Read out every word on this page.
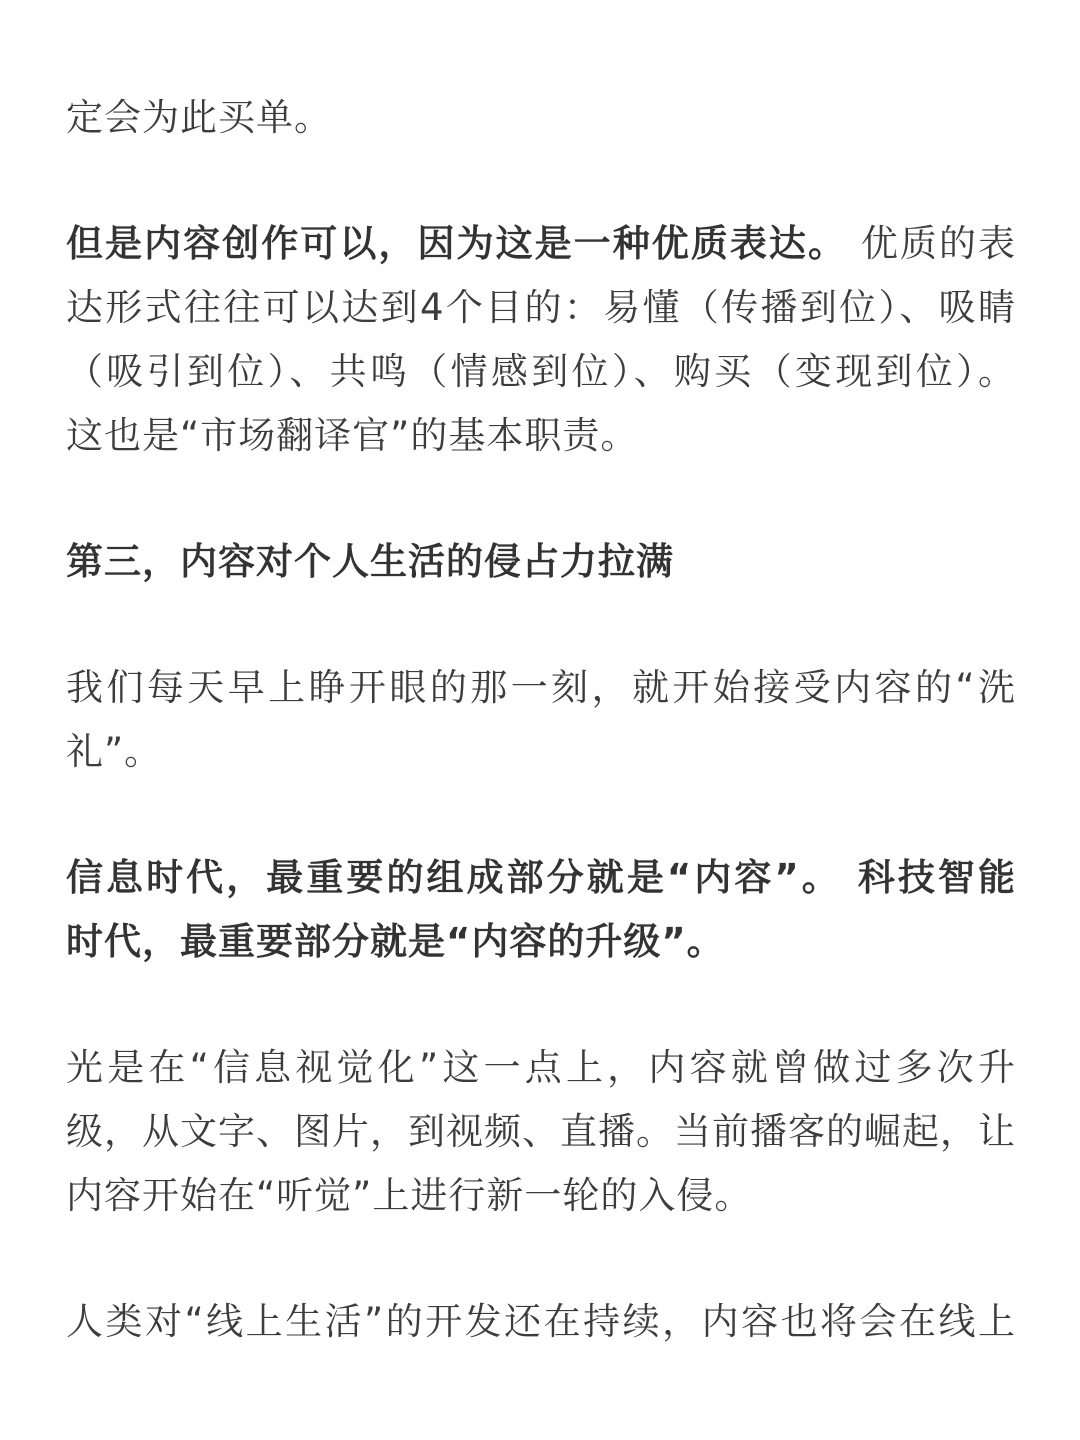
定会为此买单。
但是内容创作可以，因为这是一种优质表达。 优质的表
达形式往往可以达到4个目的：易懂（传播到位）、吸睛
（吸引到位）、共鸣（情感到位）、购买（变现到位）。
这也是“市场翻译官”的基本职责。
第三，内容对个人生活的侵占力拉满
我们每天早上睁开眼的那一刻，就开始接受内容的“洗
礼”。
信息时代，最重要的组成部分就是“内容”。 科技智能
时代，最重要部分就是“内容的升级”。
光是在“信息视觉化”这一点上，内容就曾做过多次升
级，从文字、图片，到视频、直播。当前播客的崛起，让
内容开始在“听觉”上进行新一轮的入侵。
人类对“线上生活”的开发还在持续，内容也将会在线上
